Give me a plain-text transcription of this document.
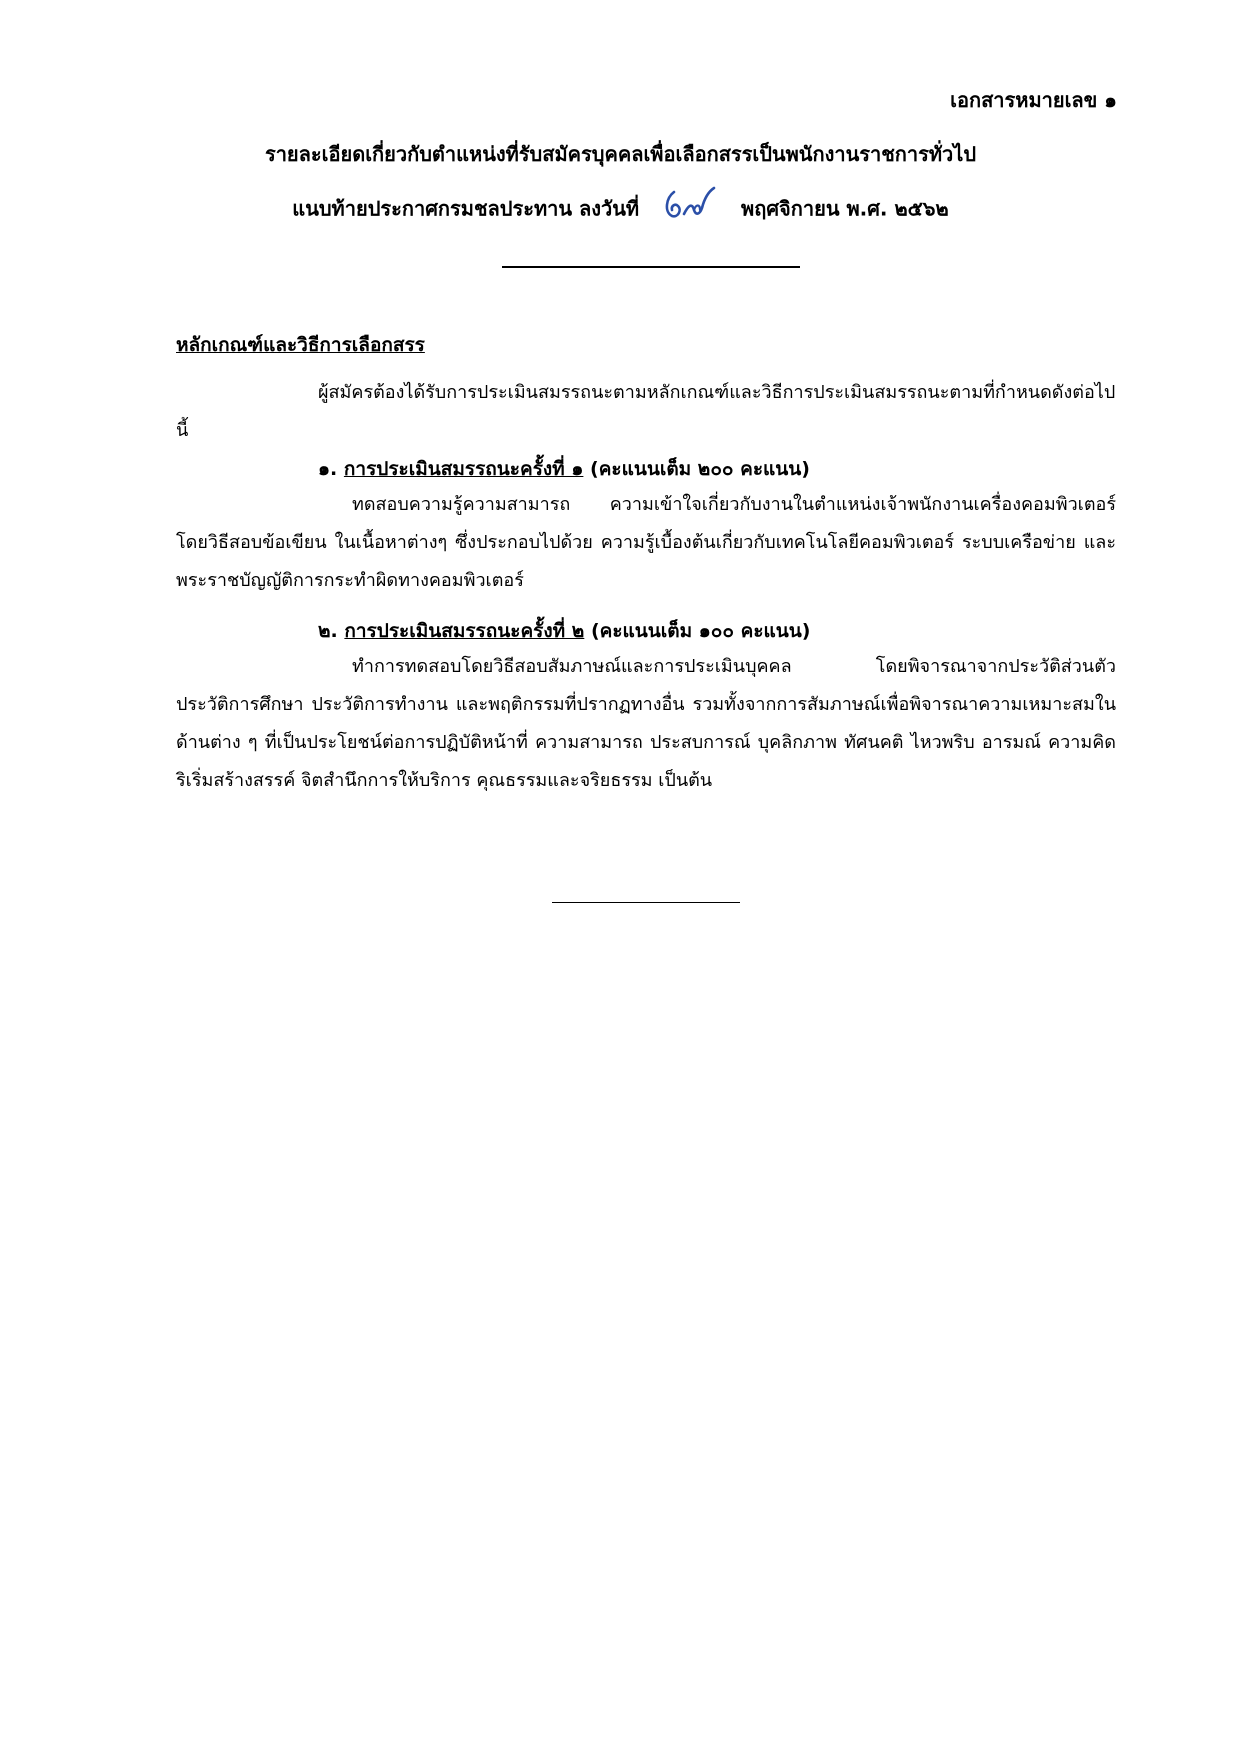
เอกสารหมายเลข ๑
รายละเอียดเกี่ยวกับตำแหน่งที่รับสมัครบุคคลเพื่อเลือกสรรเป็นพนักงานราชการทั่วไป
แนบท้ายประกาศกรมชลประทาน ลงวันที่	พฤศจิกายน พ.ศ. ๒๕๖๒
หลักเกณฑ์และวิธีการเลือกสรร
ผู้สมัครต้องได้รับการประเมินสมรรถนะตามหลักเกณฑ์และวิธีการประเมินสมรรถนะตามที่กำหนดดังต่อไปนี้
๑. การประเมินสมรรถนะครั้งที่ ๑ (คะแนนเต็ม ๒๐๐ คะแนน)
ทดสอบความรู้ความสามารถ ความเข้าใจเกี่ยวกับงานในตำแหน่งเจ้าพนักงานเครื่องคอมพิวเตอร์ โดยวิธีสอบข้อเขียน ในเนื้อหาต่างๆ ซึ่งประกอบไปด้วย ความรู้เบื้องต้นเกี่ยวกับเทคโนโลยีคอมพิวเตอร์ ระบบเครือข่าย และพระราชบัญญัติการกระทำผิดทางคอมพิวเตอร์
๒. การประเมินสมรรถนะครั้งที่ ๒ (คะแนนเต็ม ๑๐๐ คะแนน)
ทำการทดสอบโดยวิธีสอบสัมภาษณ์และการประเมินบุคคล โดยพิจารณาจากประวัติส่วนตัว ประวัติการศึกษา ประวัติการทำงาน และพฤติกรรมที่ปรากฏทางอื่น รวมทั้งจากการสัมภาษณ์เพื่อพิจารณาความเหมาะสมในด้านต่าง ๆ ที่เป็นประโยชน์ต่อการปฏิบัติหน้าที่ ความสามารถ ประสบการณ์ บุคลิกภาพ ทัศนคติ ไหวพริบ อารมณ์ ความคิดริเริ่มสร้างสรรค์ จิตสำนึกการให้บริการ คุณธรรมและจริยธรรม เป็นต้น
